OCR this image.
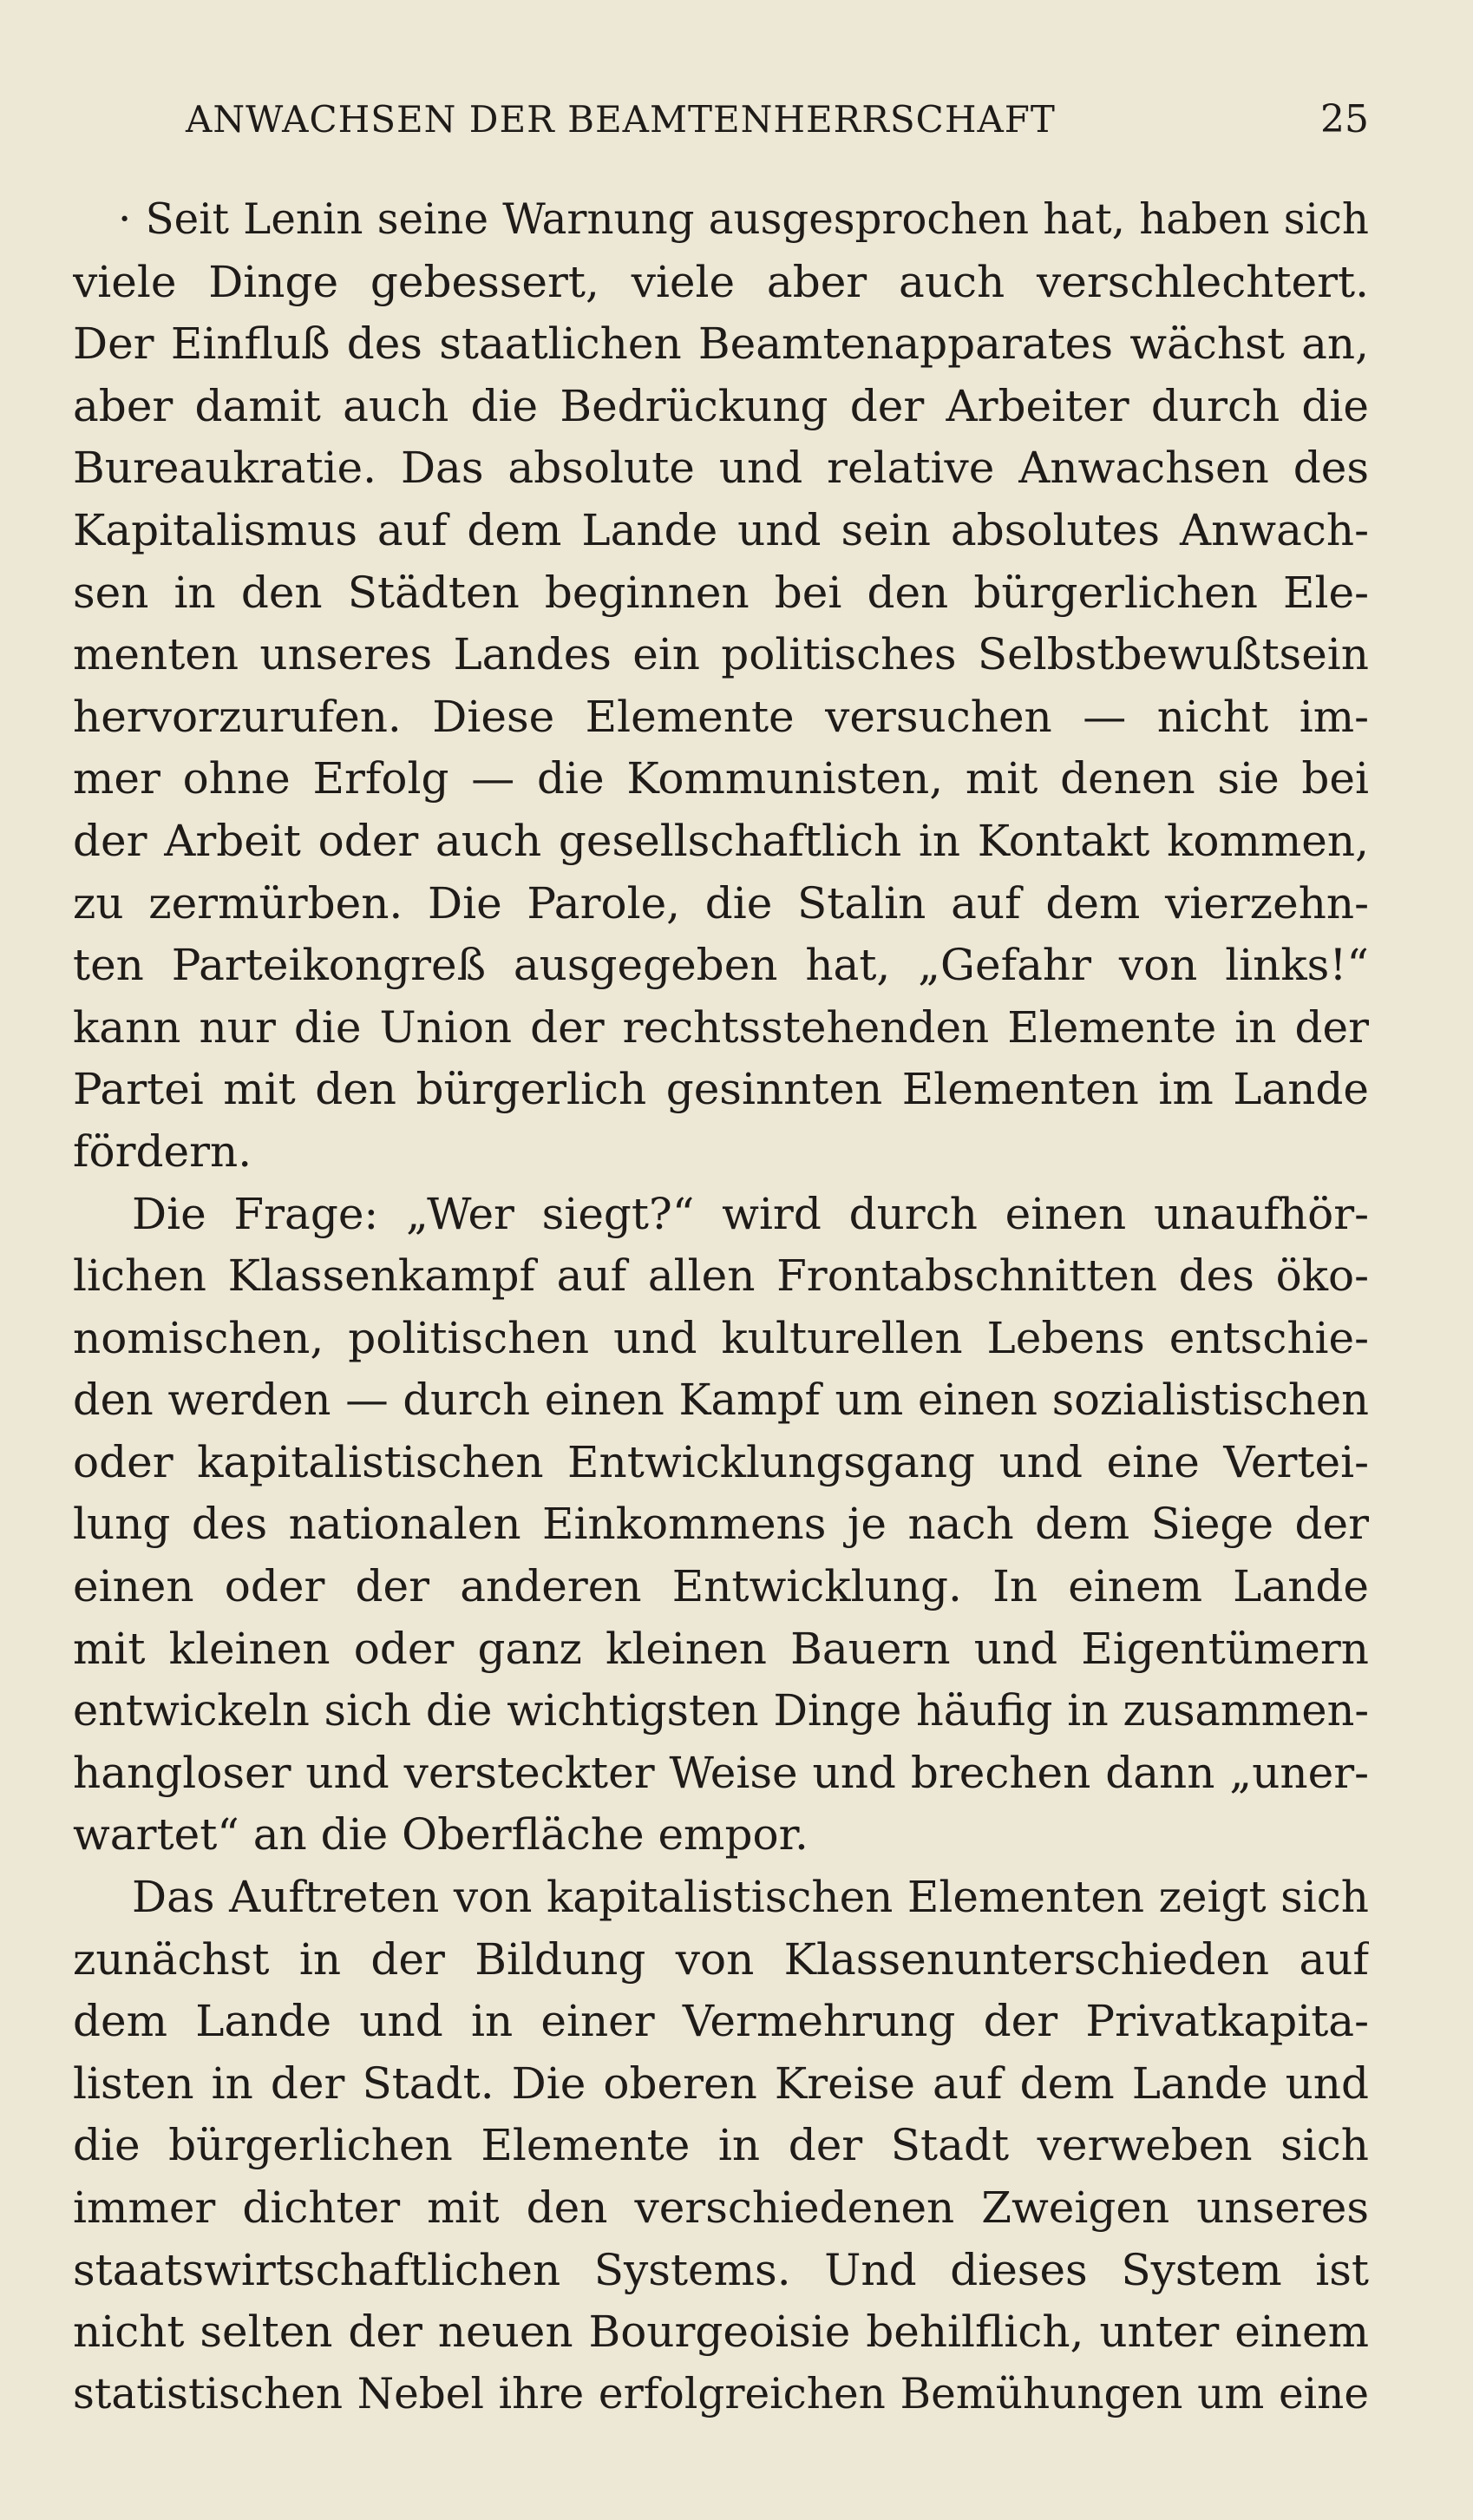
ANWACHSEN DER BEAMTENHERRSCHAFT	25
· Seit Lenin seine Warnung ausgesprochen hat, haben sich
viele Dinge gebessert, viele aber auch verschlechtert.
Der Einfluß des staatlichen Beamtenapparates wächst an,
aber damit auch die Bedrückung der Arbeiter durch die
Bureaukratie. Das absolute und relative Anwachsen des
Kapitalismus auf dem Lande und sein absolutes Anwach-
sen in den Städten beginnen bei den bürgerlichen Ele-
menten unseres Landes ein politisches Selbstbewußtsein
hervorzurufen. Diese Elemente versuchen — nicht im-
mer ohne Erfolg — die Kommunisten, mit denen sie bei
der Arbeit oder auch gesellschaftlich in Kontakt kommen,
zu zermürben. Die Parole, die Stalin auf dem vierzehn-
ten Parteikongreß ausgegeben hat, „Gefahr von links!“
kann nur die Union der rechtsstehenden Elemente in der
Partei mit den bürgerlich gesinnten Elementen im Lande
fördern.
Die Frage: „Wer siegt?“ wird durch einen unaufhör-
lichen Klassenkampf auf allen Frontabschnitten des öko-
nomischen, politischen und kulturellen Lebens entschie-
den werden — durch einen Kampf um einen sozialistischen
oder kapitalistischen Entwicklungsgang und eine Vertei-
lung des nationalen Einkommens je nach dem Siege der
einen oder der anderen Entwicklung. In einem Lande
mit kleinen oder ganz kleinen Bauern und Eigentümern
entwickeln sich die wichtigsten Dinge häufig in zusammen-
hangloser und versteckter Weise und brechen dann „uner-
wartet“ an die Oberfläche empor.
Das Auftreten von kapitalistischen Elementen zeigt sich
zunächst in der Bildung von Klassenunterschieden auf
dem Lande und in einer Vermehrung der Privatkapita-
listen in der Stadt. Die oberen Kreise auf dem Lande und
die bürgerlichen Elemente in der Stadt verweben sich
immer dichter mit den verschiedenen Zweigen unseres
staatswirtschaftlichen Systems. Und dieses System ist
nicht selten der neuen Bourgeoisie behilflich, unter einem
statistischen Nebel ihre erfolgreichen Bemühungen um eine
